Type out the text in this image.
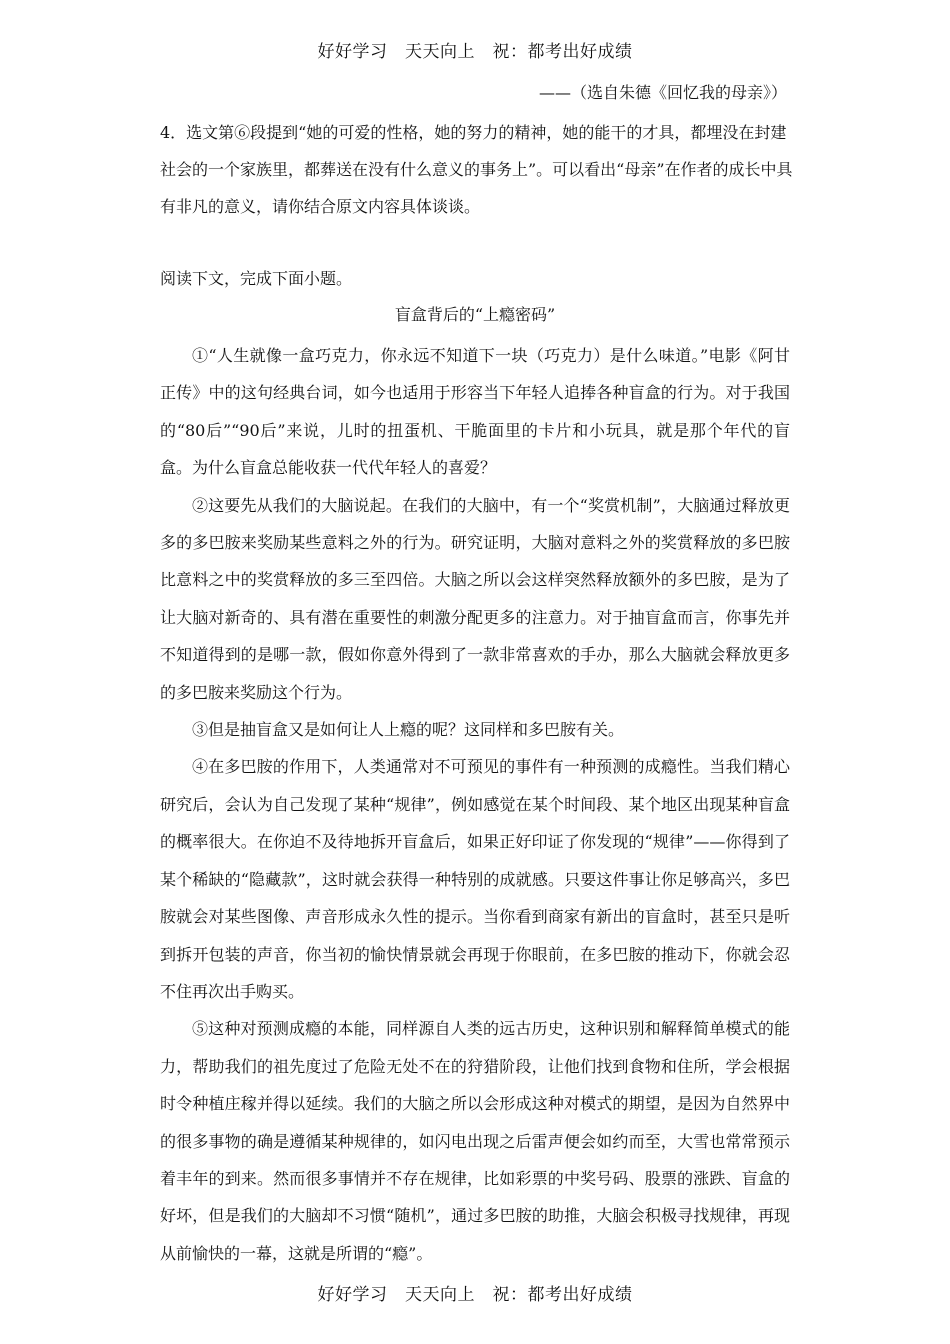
好好学习　天天向上　祝：都考出好成绩
——（选自朱德《回忆我的母亲》）

4．选文第⑥段提到“她的可爱的性格，她的努力的精神，她的能干的才具，都埋没在封建社会的一个家族里，都葬送在没有什么意义的事务上”。可以看出“母亲”在作者的成长中具有非凡的意义，请你结合原文内容具体谈谈。

阅读下文，完成下面小题。
盲盒背后的“上瘾密码”

①“人生就像一盒巧克力，你永远不知道下一块（巧克力）是什么味道。”电影《阿甘正传》中的这句经典台词，如今也适用于形容当下年轻人追捧各种盲盒的行为。对于我国的“80后”“90后”来说，儿时的扭蛋机、干脆面里的卡片和小玩具，就是那个年代的盲盒。为什么盲盒总能收获一代代年轻人的喜爱？

②这要先从我们的大脑说起。在我们的大脑中，有一个“奖赏机制”，大脑通过释放更多的多巴胺来奖励某些意料之外的行为。研究证明，大脑对意料之外的奖赏释放的多巴胺比意料之中的奖赏释放的多三至四倍。大脑之所以会这样突然释放额外的多巴胺，是为了让大脑对新奇的、具有潜在重要性的刺激分配更多的注意力。对于抽盲盒而言，你事先并不知道得到的是哪一款，假如你意外得到了一款非常喜欢的手办，那么大脑就会释放更多的多巴胺来奖励这个行为。

③但是抽盲盒又是如何让人上瘾的呢？这同样和多巴胺有关。

④在多巴胺的作用下，人类通常对不可预见的事件有一种预测的成瘾性。当我们精心研究后，会认为自己发现了某种“规律”，例如感觉在某个时间段、某个地区出现某种盲盒的概率很大。在你迫不及待地拆开盲盒后，如果正好印证了你发现的“规律”——你得到了某个稀缺的“隐藏款”，这时就会获得一种特别的成就感。只要这件事让你足够高兴，多巴胺就会对某些图像、声音形成永久性的提示。当你看到商家有新出的盲盒时，甚至只是听到拆开包装的声音，你当初的愉快情景就会再现于你眼前，在多巴胺的推动下，你就会忍不住再次出手购买。

⑤这种对预测成瘾的本能，同样源自人类的远古历史，这种识别和解释简单模式的能力，帮助我们的祖先度过了危险无处不在的狩猎阶段，让他们找到食物和住所，学会根据时令种植庄稼并得以延续。我们的大脑之所以会形成这种对模式的期望，是因为自然界中的很多事物的确是遵循某种规律的，如闪电出现之后雷声便会如约而至，大雪也常常预示着丰年的到来。然而很多事情并不存在规律，比如彩票的中奖号码、股票的涨跌、盲盒的好坏，但是我们的大脑却不习惯“随机”，通过多巴胺的助推，大脑会积极寻找规律，再现从前愉快的一幕，这就是所谓的“瘾”。

好好学习　天天向上　祝：都考出好成绩
